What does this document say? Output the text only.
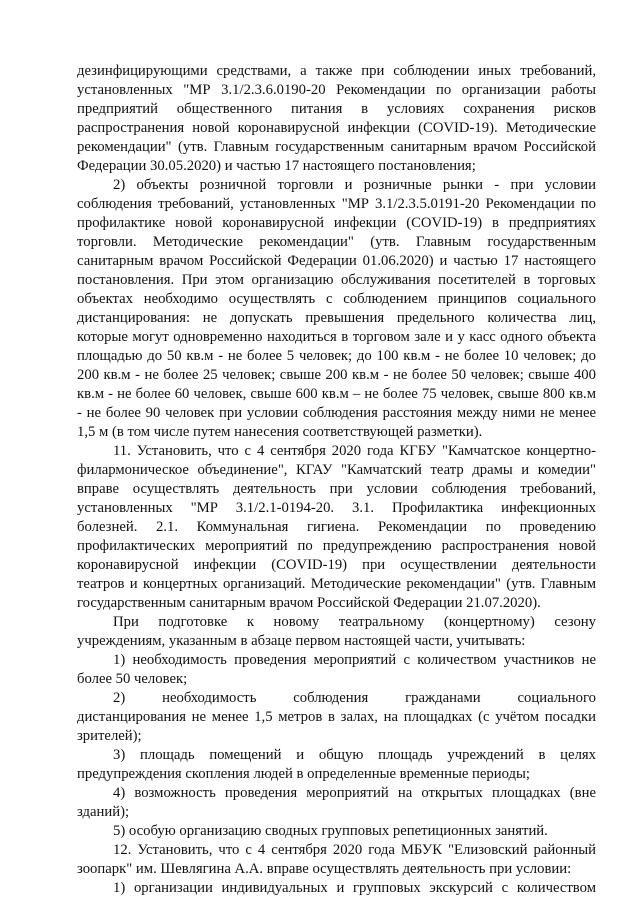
дезинфицирующими средствами, а также при соблюдении иных требований,
установленных "МР 3.1/2.3.6.0190-20 Рекомендации по организации работы
предприятий общественного питания в условиях сохранения рисков
распространения новой коронавирусной инфекции (COVID-19). Методические
рекомендации" (утв. Главным государственным санитарным врачом Российской
Федерации 30.05.2020) и частью 17 настоящего постановления;
2) объекты розничной торговли и розничные рынки - при условии
соблюдения требований, установленных "МР 3.1/2.3.5.0191-20 Рекомендации по
профилактике новой коронавирусной инфекции (COVID-19) в предприятиях
торговли. Методические рекомендации" (утв. Главным государственным
санитарным врачом Российской Федерации 01.06.2020) и частью 17 настоящего
постановления. При этом организацию обслуживания посетителей в торговых
объектах необходимо осуществлять с соблюдением принципов социального
дистанцирования: не допускать превышения предельного количества лиц,
которые могут одновременно находиться в торговом зале и у касс одного объекта
площадью до 50 кв.м - не более 5 человек; до 100 кв.м - не более 10 человек; до
200 кв.м - не более 25 человек; свыше 200 кв.м - не более 50 человек; свыше 400
кв.м - не более 60 человек, свыше 600 кв.м – не более 75 человек, свыше 800 кв.м
- не более 90 человек при условии соблюдения расстояния между ними не менее
1,5 м (в том числе путем нанесения соответствующей разметки).
11. Установить, что с 4 сентября 2020 года КГБУ "Камчатское концертно-
филармоническое объединение", КГАУ "Камчатский театр драмы и комедии"
вправе осуществлять деятельность при условии соблюдения требований,
установленных "МР 3.1/2.1-0194-20. 3.1. Профилактика инфекционных
болезней. 2.1. Коммунальная гигиена. Рекомендации по проведению
профилактических мероприятий по предупреждению распространения новой
коронавирусной инфекции (COVID-19) при осуществлении деятельности
театров и концертных организаций. Методические рекомендации" (утв. Главным
государственным санитарным врачом Российской Федерации 21.07.2020).
При подготовке к новому театральному (концертному) сезону
учреждениям, указанным в абзаце первом настоящей части, учитывать:
1) необходимость проведения мероприятий с количеством участников не
более 50 человек;
2) необходимость соблюдения гражданами социального
дистанцирования не менее 1,5 метров в залах, на площадках (с учётом посадки
зрителей);
3) площадь помещений и общую площадь учреждений в целях
предупреждения скопления людей в определенные временные периоды;
4) возможность проведения мероприятий на открытых площадках (вне
зданий);
5) особую организацию сводных групповых репетиционных занятий.
12. Установить, что с 4 сентября 2020 года МБУК "Елизовский районный
зоопарк" им. Шевлягина А.А. вправе осуществлять деятельность при условии:
1) организации индивидуальных и групповых экскурсий с количеством
